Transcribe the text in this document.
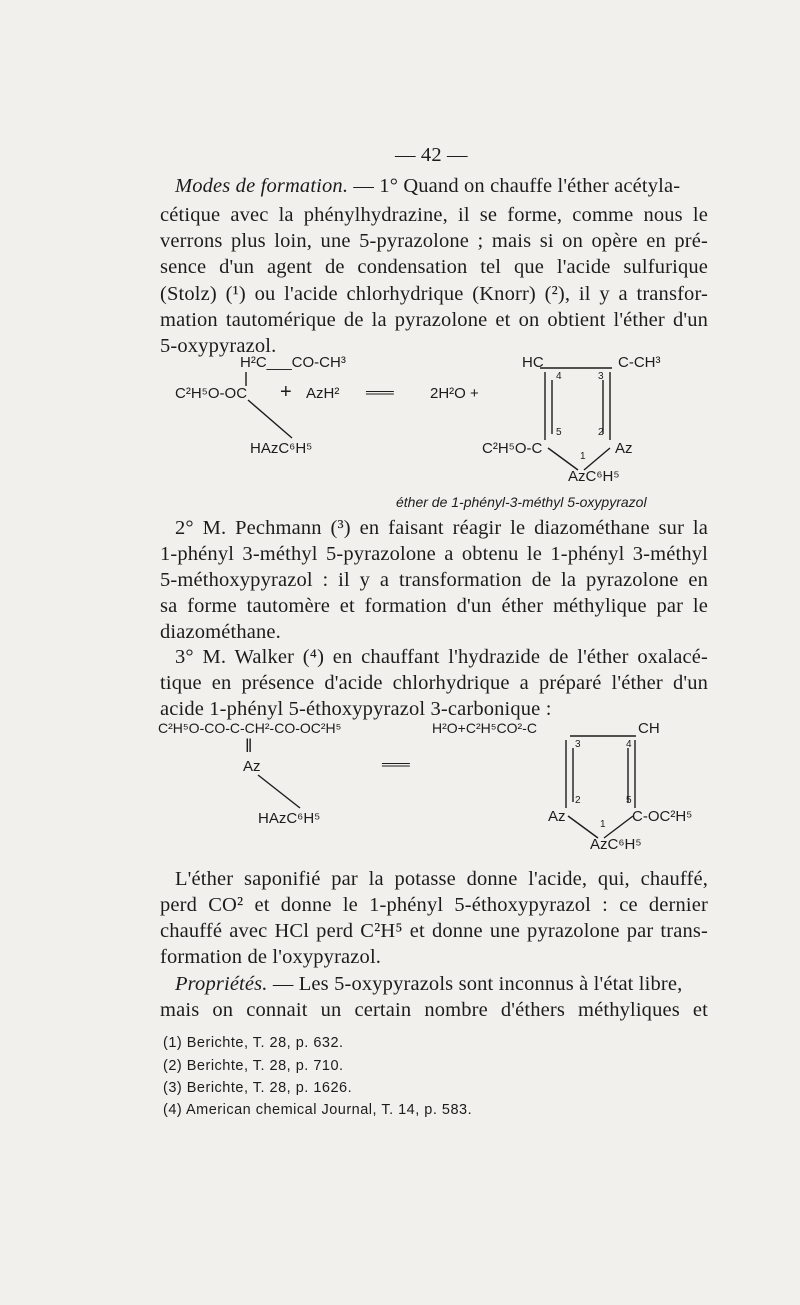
— 42 —
Modes de formation. — 1° Quand on chauffe l'éther acétyla-
cétique avec la phénylhydrazine, il se forme, comme nous le
verrons plus loin, une 5-pyrazolone ; mais si on opère en pré-
sence d'un agent de condensation tel que l'acide sulfurique
(Stolz) (¹) ou l'acide chlorhydrique (Knorr) (²), il y a transfor-
mation tautomérique de la pyrazolone et on obtient l'éther d'un
5-oxypyrazol.
H²C___CO-CH³
C²H⁵O-OC + AzH² ═══ 2H²O +
HAzC⁶H⁵
HC	C-CH³
C²H⁵O-C	Az
AzC⁶H⁵
4	3
5	2
1
éther de 1-phényl-3-méthyl 5-oxypyrazol
2° M. Pechmann (³) en faisant réagir le diazométhane sur la
1-phényl 3-méthyl 5-pyrazolone a obtenu le 1-phényl 3-méthyl
5-méthoxypyrazol : il y a transformation de la pyrazolone en
sa forme tautomère et formation d'un éther méthylique par le
diazométhane.
3° M. Walker (⁴) en chauffant l'hydrazide de l'éther oxalacé-
tique en présence d'acide chlorhydrique a préparé l'éther d'un
acide 1-phényl 5-éthoxypyrazol 3-carbonique :
C²H⁵O-CO-C-CH²-CO-OC²H⁵
‖
Az
HAzC⁶H⁵
═══
H²O+C²H⁵CO²-C	CH
Az	C-OC²H⁵
AzC⁶H⁵
3	4
2	5
1
L'éther saponifié par la potasse donne l'acide, qui, chauffé,
perd CO² et donne le 1-phényl 5-éthoxypyrazol : ce dernier
chauffé avec HCl perd C²H⁵ et donne une pyrazolone par trans-
formation de l'oxypyrazol.
Propriétés. — Les 5-oxypyrazols sont inconnus à l'état libre,
mais on connait un certain nombre d'éthers méthyliques et
(1) Berichte, T. 28, p. 632.
(2) Berichte, T. 28, p. 710.
(3) Berichte, T. 28, p. 1626.
(4) American chemical Journal, T. 14, p. 583.
